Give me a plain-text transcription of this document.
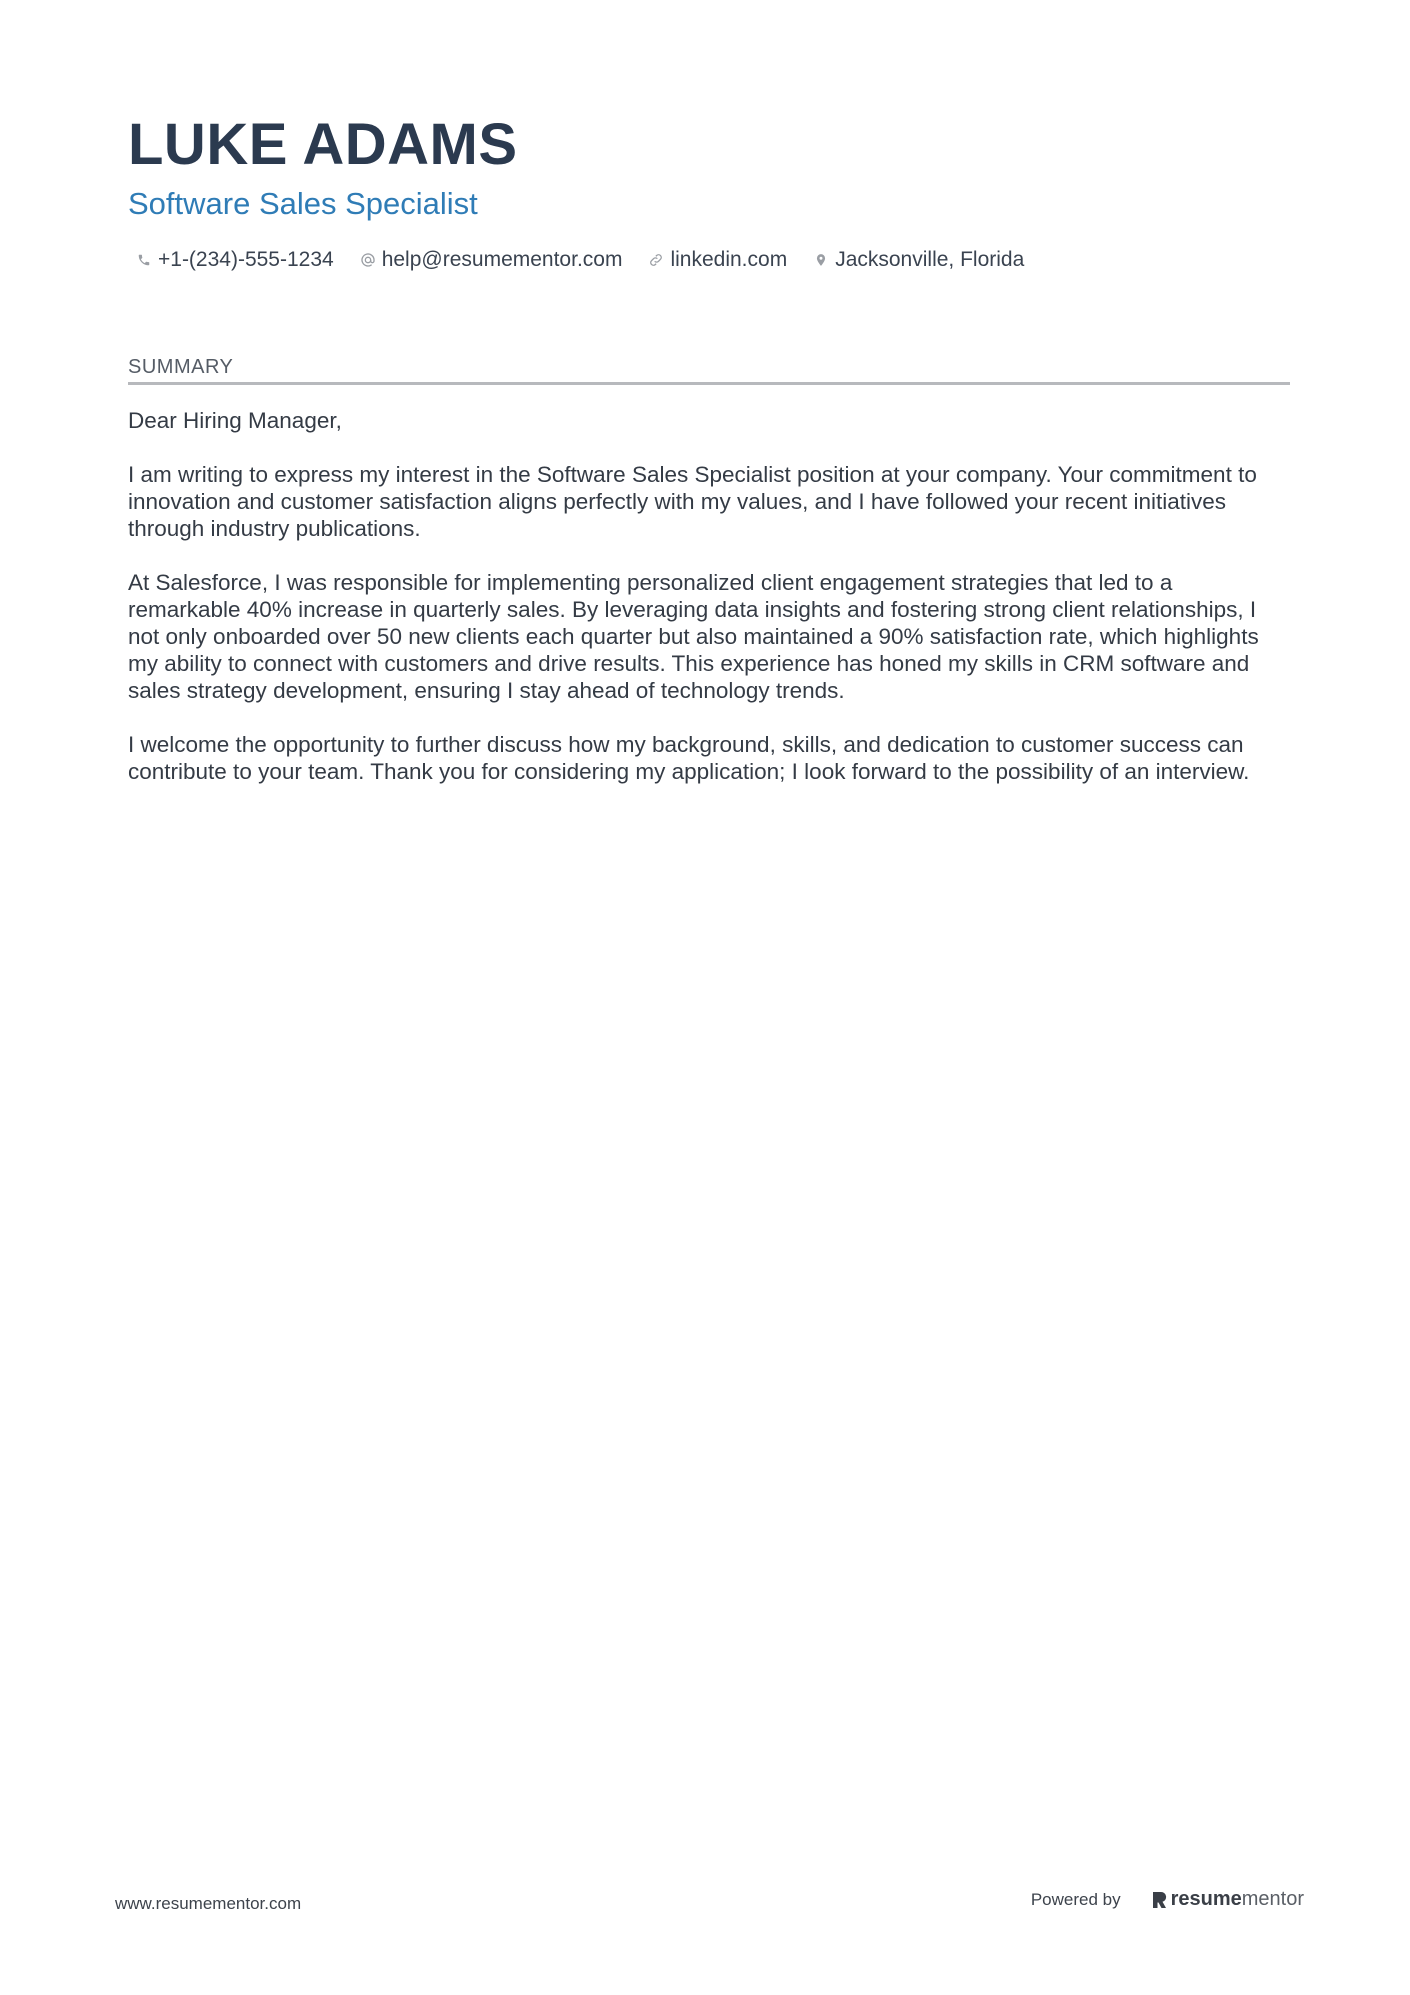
LUKE ADAMS
Software Sales Specialist
+1-(234)-555-1234 help@resumementor.com linkedin.com Jacksonville, Florida
SUMMARY

Dear Hiring Manager,

I am writing to express my interest in the Software Sales Specialist position at your company. Your commitment to innovation and customer satisfaction aligns perfectly with my values, and I have followed your recent initiatives through industry publications.

At Salesforce, I was responsible for implementing personalized client engagement strategies that led to a remarkable 40% increase in quarterly sales. By leveraging data insights and fostering strong client relationships, I not only onboarded over 50 new clients each quarter but also maintained a 90% satisfaction rate, which highlights my ability to connect with customers and drive results. This experience has honed my skills in CRM software and sales strategy development, ensuring I stay ahead of technology trends.

I welcome the opportunity to further discuss how my background, skills, and dedication to customer success can contribute to your team. Thank you for considering my application; I look forward to the possibility of an interview.

www.resumementor.com	Powered by	resume mentor
